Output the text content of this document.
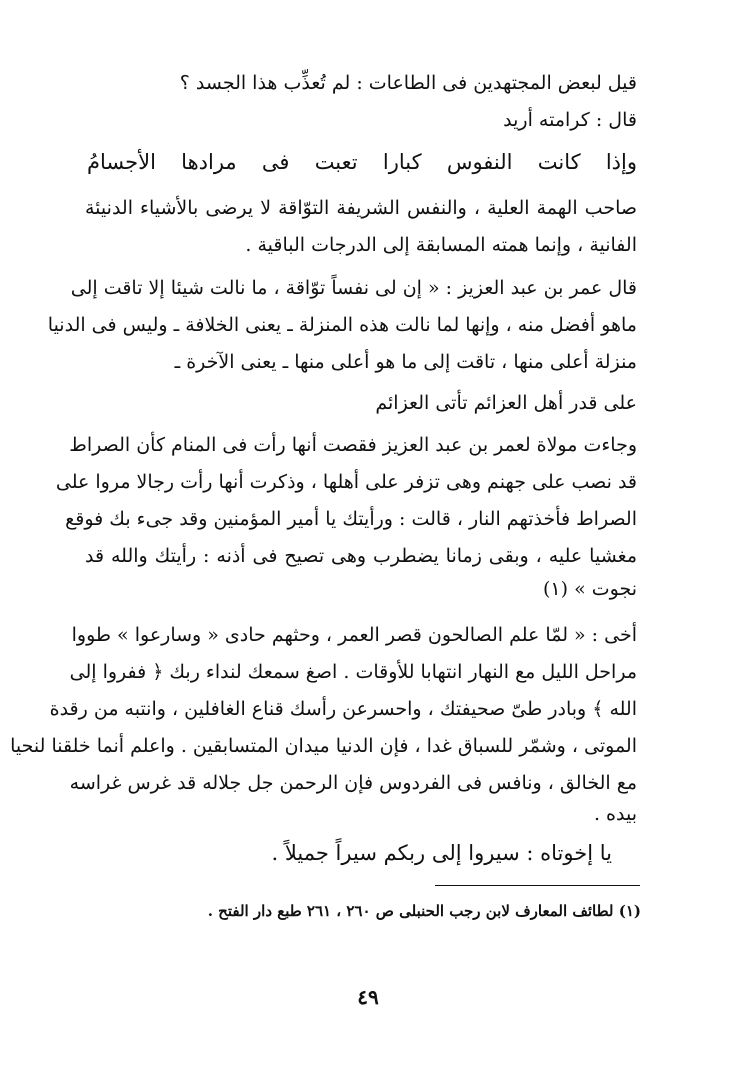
قيل لبعض المجتهدين فى الطاعات : لم تُعذِّب هذا الجسد ؟
قال : كرامته أريد
وإذا كانت النفوس كبارا تعبت فى مرادها الأجسامُ
صاحب الهمة العلية ، والنفس الشريفة التوّاقة لا يرضى بالأشياء الدنيئة
الفانية ، وإنما همته المسابقة إلى الدرجات الباقية .
قال عمر بن عبد العزيز : « إن لى نفساً توّاقة ، ما نالت شيئا إلا تاقت إلى
ماهو أفضل منه ، وإنها لما نالت هذه المنزلة ـ يعنى الخلافة ـ وليس فى الدنيا
منزلة أعلى منها ، تاقت إلى ما هو أعلى منها ـ يعنى الآخرة ـ
على قدر أهل العزائم تأتى العزائم
وجاءت مولاة لعمر بن عبد العزيز فقصت أنها رأت فى المنام كأن الصراط
قد نصب على جهنم وهى تزفر على أهلها ، وذكرت أنها رأت رجالا مروا على
الصراط فأخذتهم النار ، قالت : ورأيتك يا أمير المؤمنين وقد جىء بك فوقع
مغشيا عليه ، وبقى زمانا يضطرب وهى تصيح فى أذنه : رأيتك والله قد
نجوت » (١)
أخى : « لمّا علم الصالحون قصر العمر ، وحثهم حادى « وسارعوا » طووا
مراحل الليل مع النهار انتهابا للأوقات . اصغ سمعك لنداء ربك ﴿ ففروا إلى
الله ﴾ وبادر طىّ صحيفتك ، واحسرعن رأسك قناع الغافلين ، وانتبه من رقدة
الموتى ، وشمّر للسباق غدا ، فإن الدنيا ميدان المتسابقين . واعلم أنما خلقنا لنحيا
مع الخالق ، ونافس فى الفردوس فإن الرحمن جل جلاله قد غرس غراسه
بيده .
يا إخوتاه : سيروا إلى ربكم سيراً جميلاً .
(١) لطائف المعارف لابن رجب الحنبلى ص ٢٦٠ ، ٢٦١ طبع دار الفتح .
٤٩
